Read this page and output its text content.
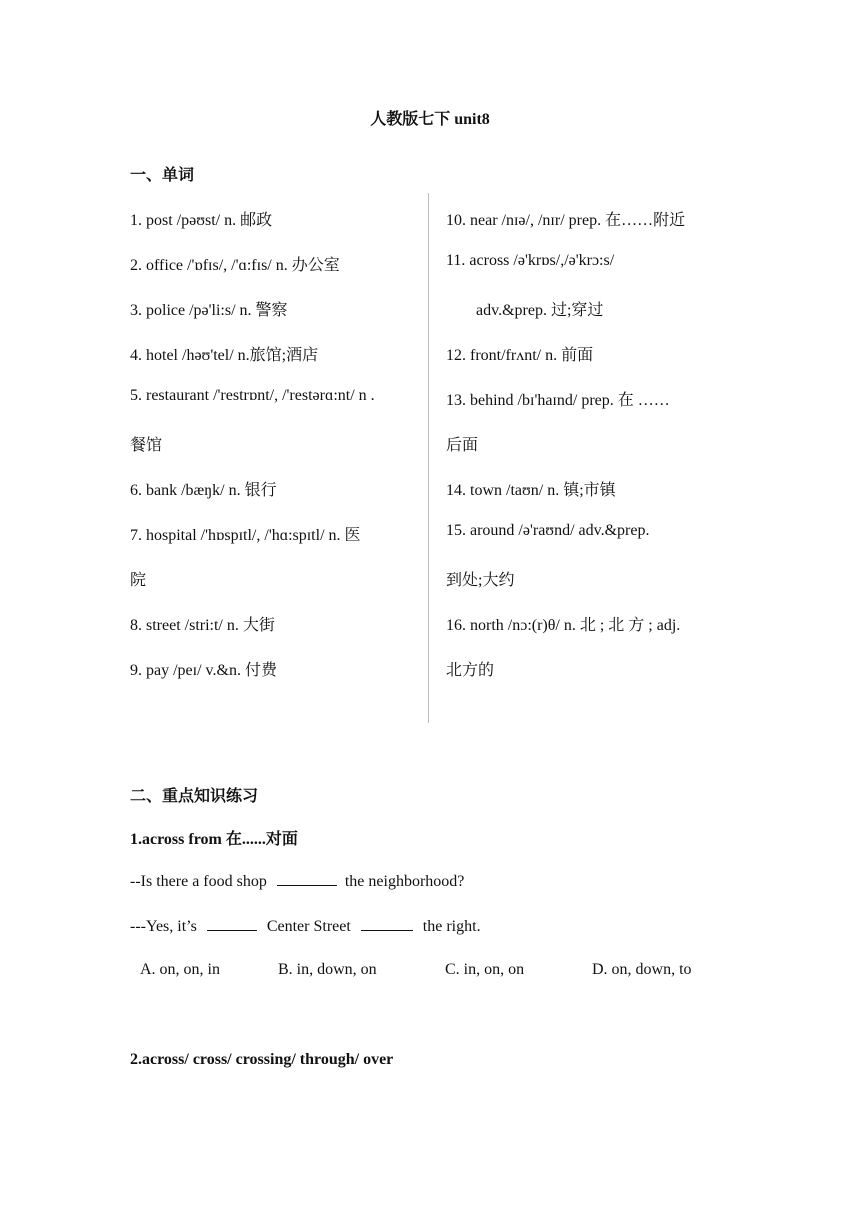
人教版七下 unit8
一、单词
1. post /pəʊst/ n. 邮政
2. office /'ɒfɪs/, /'ɑ:fɪs/ n. 办公室
3. police /pə'li:s/ n. 警察
4. hotel /həʊ'tel/ n.旅馆;酒店
5. restaurant /'restrɒnt/, /'restərɑ:nt/ n .
餐馆
6. bank /bæŋk/ n. 银行
7. hospital /'hɒspɪtl/, /'hɑ:spɪtl/ n. 医
院
8. street /stri:t/ n. 大街
9. pay /peɪ/ v.&n. 付费
10. near /nɪə/, /nɪr/ prep. 在……附近
11. across /ə'krɒs/,/ə'krɔ:s/
adv.&prep. 过;穿过
12. front/frʌnt/ n. 前面
13. behind /bɪ'haɪnd/ prep. 在 ……
后面
14. town /taʊn/ n. 镇;市镇
15. around /ə'raʊnd/ adv.&prep.
到处;大约
16. north /nɔ:(r)θ/ n. 北 ; 北 方 ; adj.
北方的
二、重点知识练习
1.across from 在......对面
--Is there a food shop	the neighborhood?
---Yes, it’s	Center Street	the right.
A. on, on, in	B. in, down, on	C. in, on, on	D. on, down, to
2.across/ cross/ crossing/ through/ over
